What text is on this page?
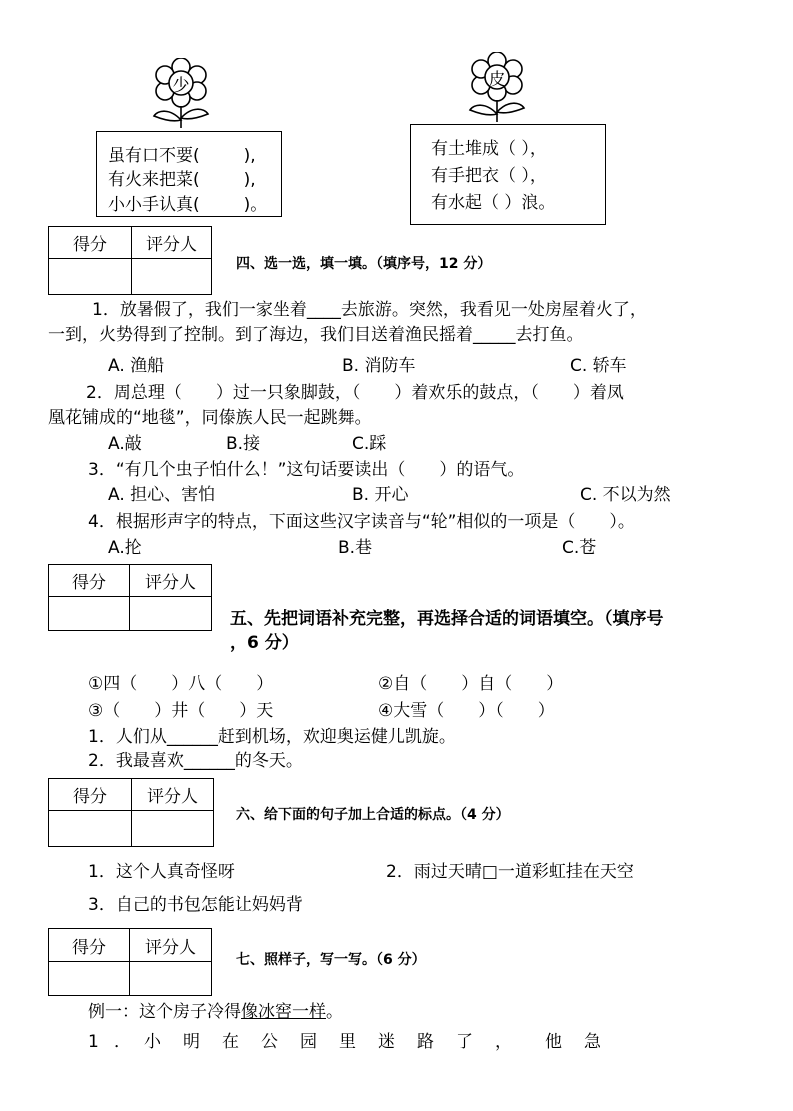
少	皮
虽有口不要(	),
有火来把菜(	),
小小手认真(	)。
有土堆成（ ），
有手把衣（ ），
有水起（ ）浪。
得分	评分人

四、选一选，填一填。（填序号，12 分）
1．放暑假了，我们一家坐着____去旅游。突然，我看见一处房屋着火了，
一到，火势得到了控制。到了海边，我们目送着渔民摇着_____去打鱼。
A. 渔船	B. 消防车	C. 轿车
2．周总理（　　）过一只象脚鼓，（　　）着欢乐的鼓点，（　　）着凤
凰花铺成的“地毯”，同傣族人民一起跳舞。
A.敲	B.接	C.踩
3．“有几个虫子怕什么！”这句话要读出（　　）的语气。
A. 担心、害怕	B. 开心	C. 不以为然
4．根据形声字的特点，下面这些汉字读音与“轮”相似的一项是（　　）。
A.抡	B.巷	C.苍
得分	评分人

五、先把词语补充完整，再选择合适的词语填空。（填序号
，6 分）
①四（　　）八（　　）	②自（　　）自（　　）
③（　　）井（　　）天	④大雪（　　）（　　）
1．人们从______赶到机场，欢迎奥运健儿凯旋。
2．我最喜欢______的冬天。
得分	评分人

六、给下面的句子加上合适的标点。（4 分）
1．这个人真奇怪呀	2．雨过天晴□一道彩虹挂在天空
3．自己的书包怎能让妈妈背
得分	评分人

七、照样子，写一写。（6 分）
例一：这个房子冷得像冰窖一样。
1 ． 小 明 在 公 园 里 迷 路 了 ， 他 急
